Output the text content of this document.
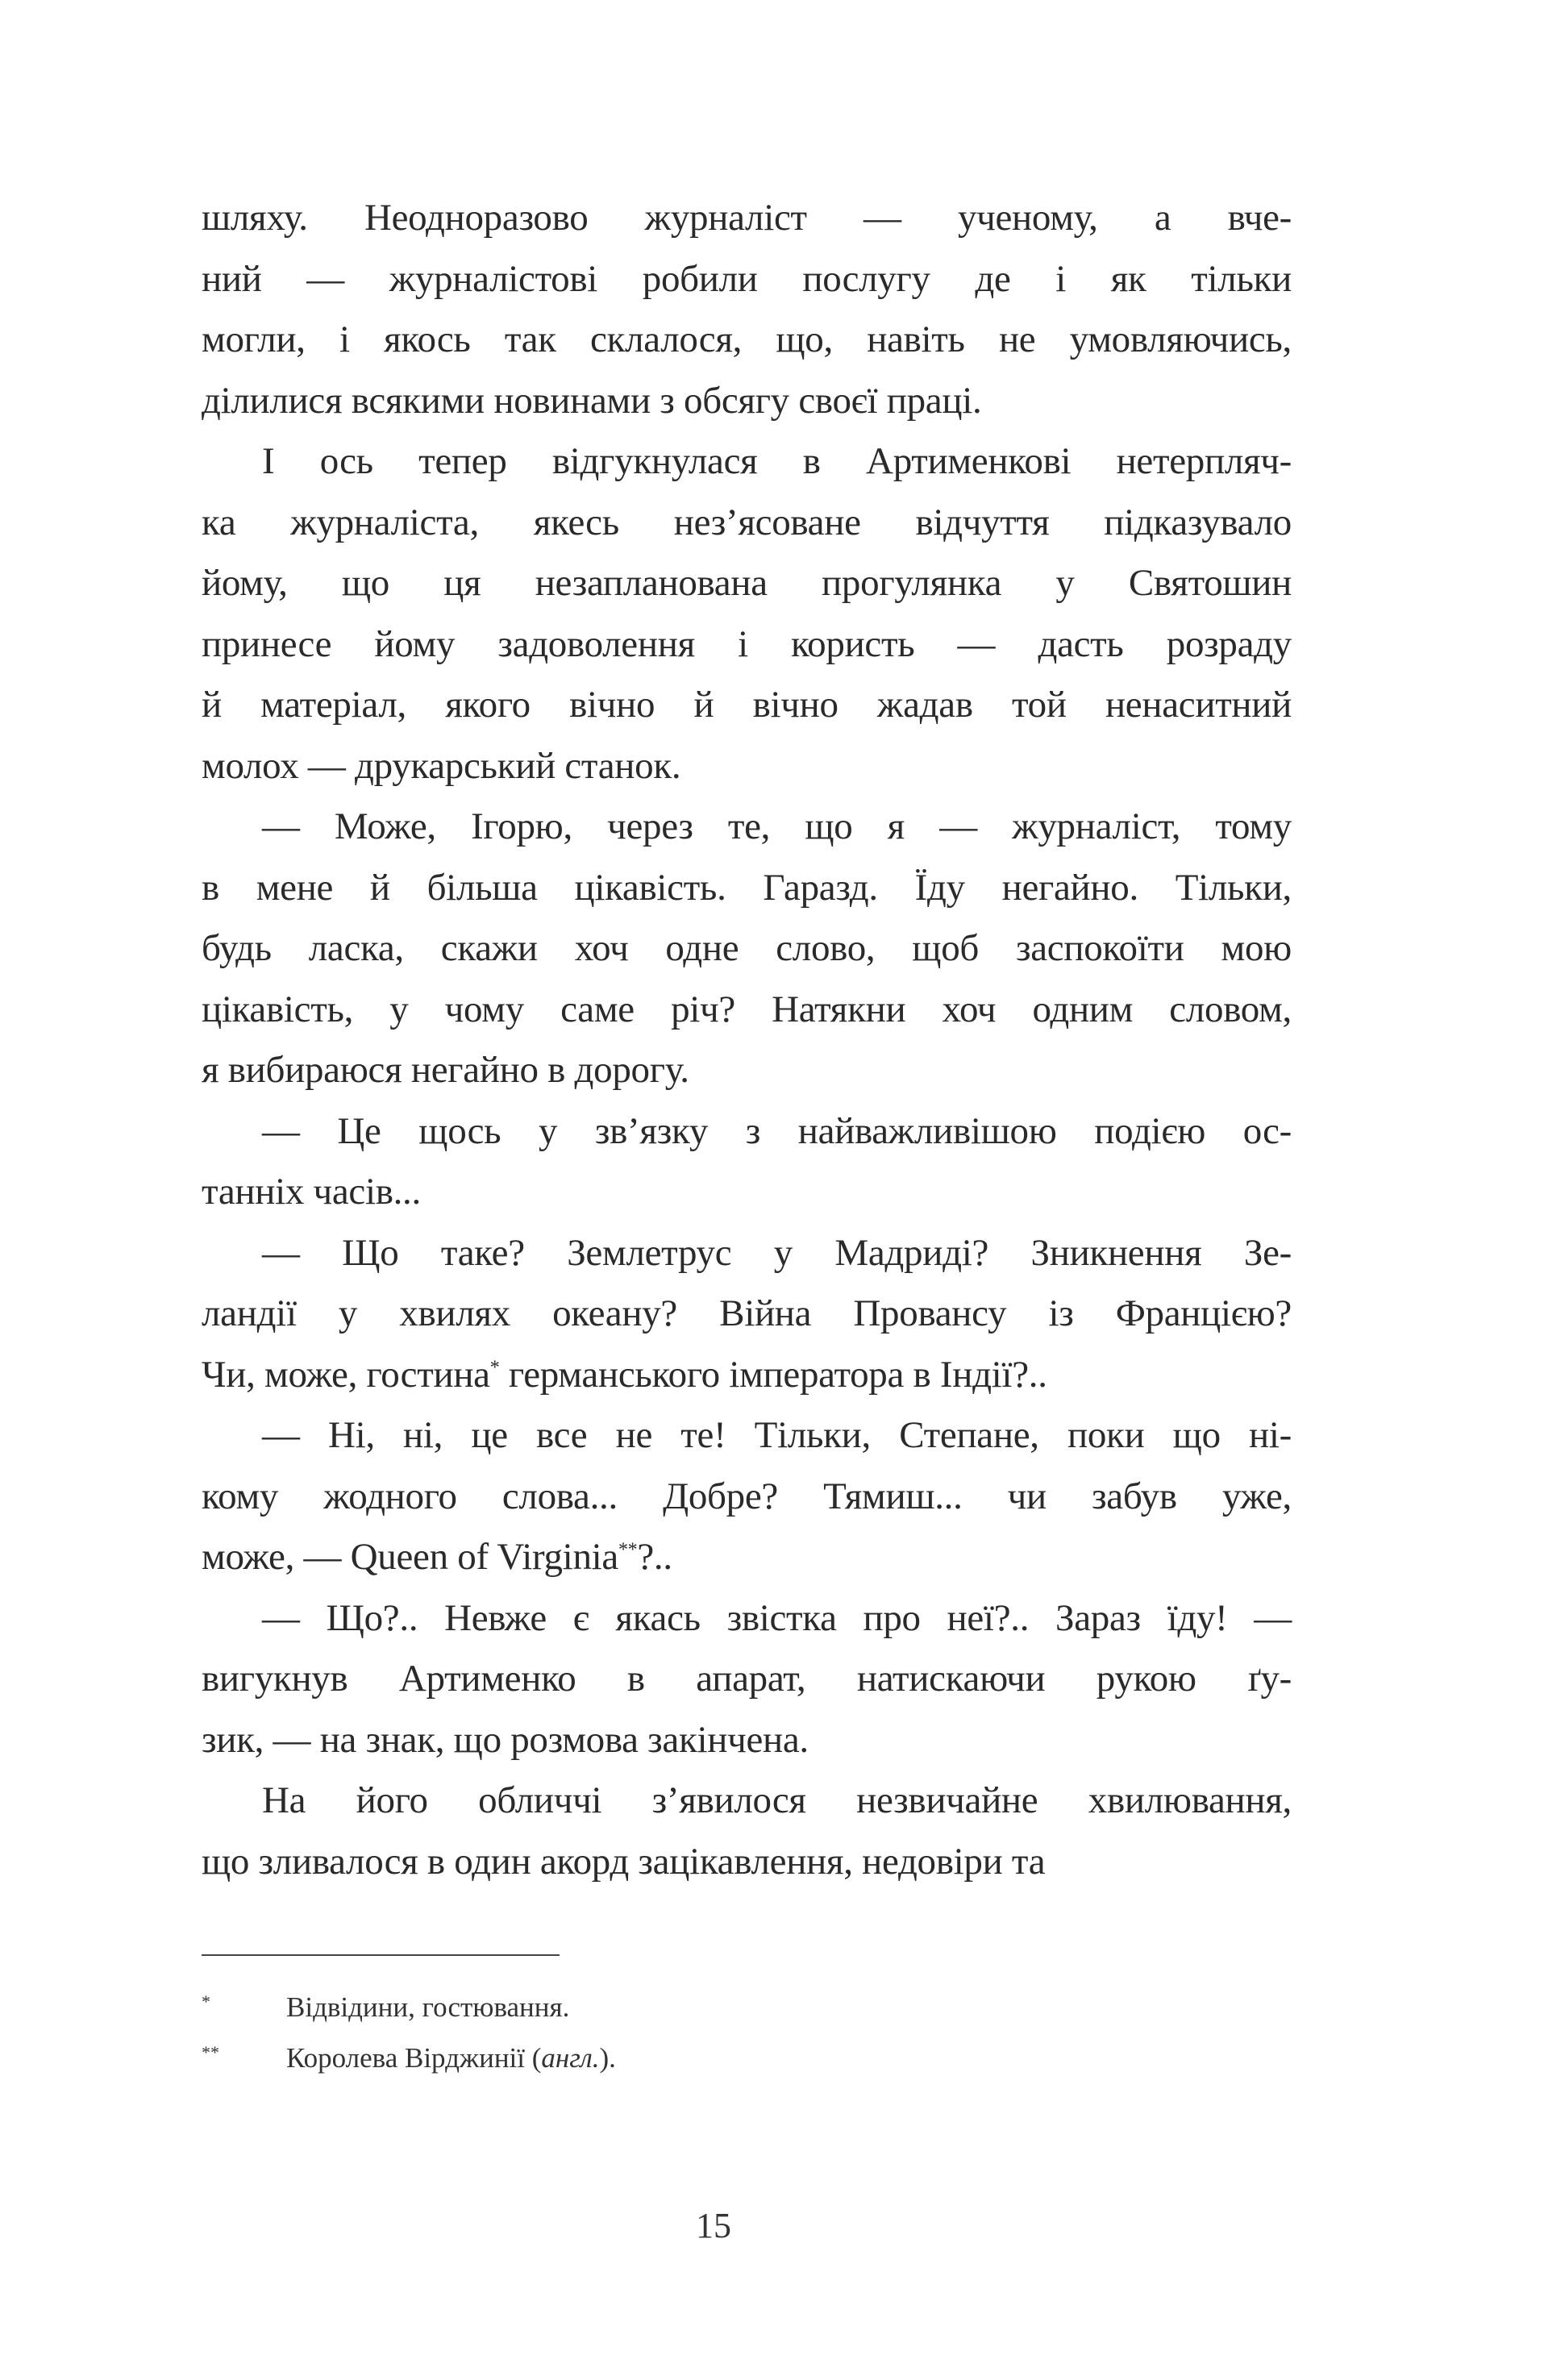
шляху. Неодноразово журналіст — ученому, а вче-
ний — журналістові робили послугу де і як тільки
могли, і якось так склалося, що, навіть не умовляючись,
ділилися всякими новинами з обсягу своєї праці.
І ось тепер відгукнулася в Артименкові нетерпляч-
ка журналіста, якесь нез’ясоване відчуття підказувало
йому, що ця незапланована прогулянка у Святошин
принесе йому задоволення і користь — дасть розраду
й матеріал, якого вічно й вічно жадав той ненаситний
молох — друкарський станок.
— Може, Ігорю, через те, що я — журналіст, тому
в мене й більша цікавість. Гаразд. Їду негайно. Тільки,
будь ласка, скажи хоч одне слово, щоб заспокоїти мою
цікавість, у чому саме річ? Натякни хоч одним словом,
я вибираюся негайно в дорогу.
— Це щось у зв’язку з найважливішою подією ос-
танніх часів...
— Що таке? Землетрус у Мадриді? Зникнення Зе-
ландії у хвилях океану? Війна Провансу із Францією?
Чи, може, гостина* германського імператора в Індії?..
— Ні, ні, це все не те! Тільки, Степане, поки що ні-
кому жодного слова... Добре? Тямиш... чи забув уже,
може, — Queen of Virginia**?..
— Що?.. Невже є якась звістка про неї?.. Зараз їду! —
вигукнув Артименко в апарат, натискаючи рукою ґу-
зик, — на знак, що розмова закінчена.
На його обличчі з’явилося незвичайне хвилювання,
що зливалося в один акорд зацікавлення, недовіри та
*	Відвідини, гостювання.
** Королева Вірджинії (англ.).
15
